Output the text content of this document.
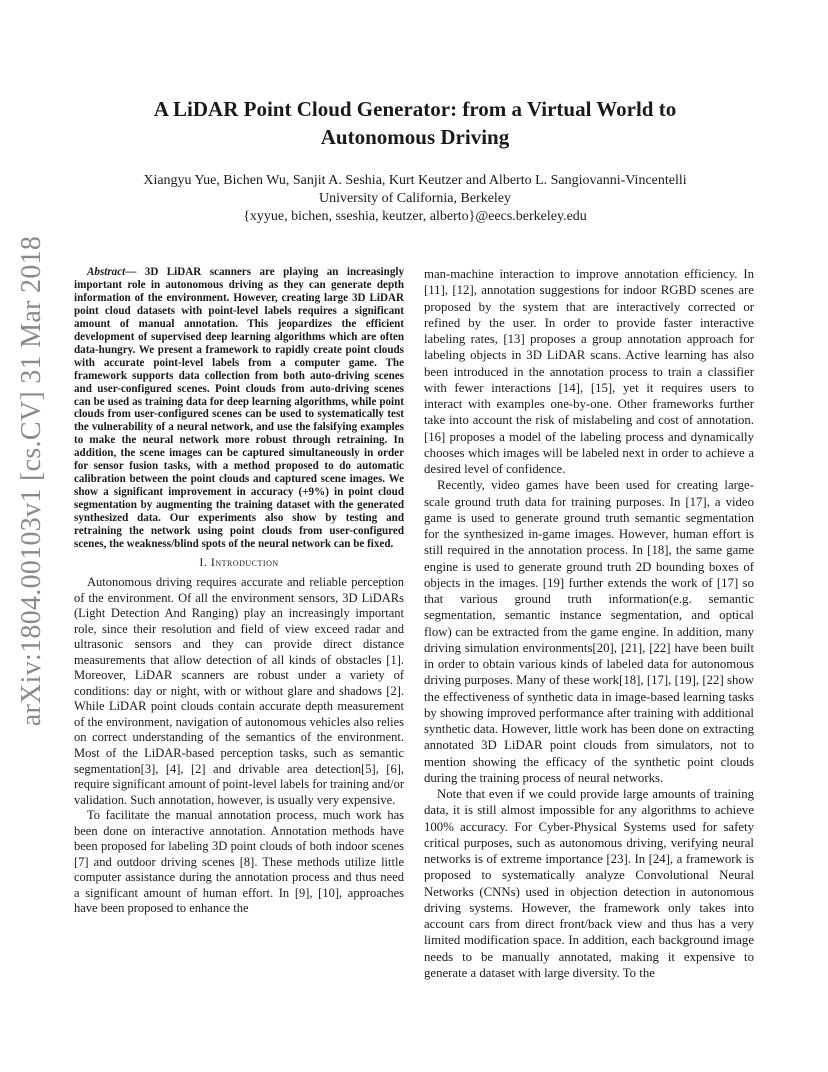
A LiDAR Point Cloud Generator: from a Virtual World to Autonomous Driving
Xiangyu Yue, Bichen Wu, Sanjit A. Seshia, Kurt Keutzer and Alberto L. Sangiovanni-Vincentelli
University of California, Berkeley
{xyyue, bichen, sseshia, keutzer, alberto}@eecs.berkeley.edu
arXiv:1804.00103v1 [cs.CV] 31 Mar 2018	Abstract— 3D LiDAR scanners are playing an increasingly important role in autonomous driving as they can generate depth information of the environment. However, creating large 3D LiDAR point cloud datasets with point-level labels requires a significant amount of manual annotation. This jeopardizes the efficient development of supervised deep learning algorithms which are often data-hungry. We present a framework to rapidly create point clouds with accurate point-level labels from a computer game. The framework supports data collection from both auto-driving scenes and user-configured scenes. Point clouds from auto-driving scenes can be used as training data for deep learning algorithms, while point clouds from user-configured scenes can be used to systematically test the vulnerability of a neural network, and use the falsifying examples to make the neural network more robust through retraining. In addition, the scene images can be captured simultaneously in order for sensor fusion tasks, with a method proposed to do automatic calibration between the point clouds and captured scene images. We show a significant improvement in accuracy (+9%) in point cloud segmentation by augmenting the training dataset with the generated synthesized data. Our experiments also show by testing and retraining the network using point clouds from user-configured scenes, the weakness/blind spots of the neural network can be fixed.

I. Introduction

Autonomous driving requires accurate and reliable perception of the environment. Of all the environment sensors, 3D LiDARs (Light Detection And Ranging) play an increasingly important role, since their resolution and field of view exceed radar and ultrasonic sensors and they can provide direct distance measurements that allow detection of all kinds of obstacles [1]. Moreover, LiDAR scanners are robust under a variety of conditions: day or night, with or without glare and shadows [2]. While LiDAR point clouds contain accurate depth measurement of the environment, navigation of autonomous vehicles also relies on correct understanding of the semantics of the environment. Most of the LiDAR-based perception tasks, such as semantic segmentation[3], [4], [2] and drivable area detection[5], [6], require significant amount of point-level labels for training and/or validation. Such annotation, however, is usually very expensive.

To facilitate the manual annotation process, much work has been done on interactive annotation. Annotation methods have been proposed for labeling 3D point clouds of both indoor scenes [7] and outdoor driving scenes [8]. These methods utilize little computer assistance during the annotation process and thus need a significant amount of human effort. In [9], [10], approaches have been proposed to enhance the

man-machine interaction to improve annotation efficiency. In [11], [12], annotation suggestions for indoor RGBD scenes are proposed by the system that are interactively corrected or refined by the user. In order to provide faster interactive labeling rates, [13] proposes a group annotation approach for labeling objects in 3D LiDAR scans. Active learning has also been introduced in the annotation process to train a classifier with fewer interactions [14], [15], yet it requires users to interact with examples one-by-one. Other frameworks further take into account the risk of mislabeling and cost of annotation. [16] proposes a model of the labeling process and dynamically chooses which images will be labeled next in order to achieve a desired level of confidence.

Recently, video games have been used for creating large-scale ground truth data for training purposes. In [17], a video game is used to generate ground truth semantic segmentation for the synthesized in-game images. However, human effort is still required in the annotation process. In [18], the same game engine is used to generate ground truth 2D bounding boxes of objects in the images. [19] further extends the work of [17] so that various ground truth information(e.g. semantic segmentation, semantic instance segmentation, and optical flow) can be extracted from the game engine. In addition, many driving simulation environments[20], [21], [22] have been built in order to obtain various kinds of labeled data for autonomous driving purposes. Many of these work[18], [17], [19], [22] show the effectiveness of synthetic data in image-based learning tasks by showing improved performance after training with additional synthetic data. However, little work has been done on extracting annotated 3D LiDAR point clouds from simulators, not to mention showing the efficacy of the synthetic point clouds during the training process of neural networks.

Note that even if we could provide large amounts of training data, it is still almost impossible for any algorithms to achieve 100% accuracy. For Cyber-Physical Systems used for safety critical purposes, such as autonomous driving, verifying neural networks is of extreme importance [23]. In [24], a framework is proposed to systematically analyze Convolutional Neural Networks (CNNs) used in objection detection in autonomous driving systems. However, the framework only takes into account cars from direct front/back view and thus has a very limited modification space. In addition, each background image needs to be manually annotated, making it expensive to generate a dataset with large diversity. To the
